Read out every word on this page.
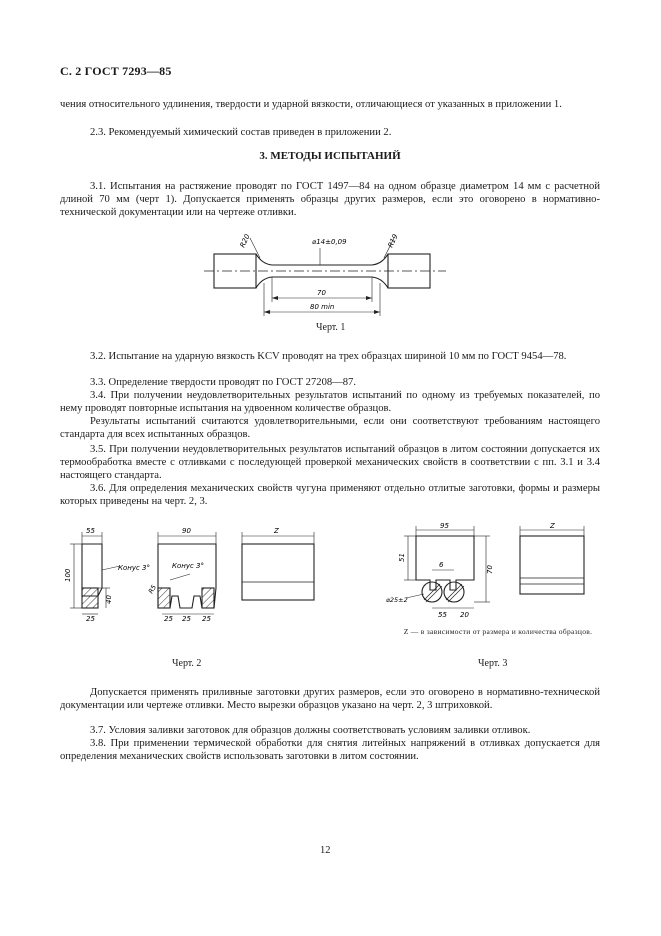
С. 2 ГОСТ 7293—85
чения относительного удлинения, твердости и ударной вязкости, отличающиеся от указанных в приложении 1.
2.3. Рекомендуемый химический состав приведен в приложении 2.
3. МЕТОДЫ ИСПЫТАНИЙ
3.1. Испытания на растяжение проводят по ГОСТ 1497—84 на одном образце диаметром 14 мм с расчетной длиной 70 мм (черт 1). Допускается применять образцы других размеров, если это оговорено в нормативно-технической документации или на чертеже отливки.
R20	⌀14±0,09	R19
70
80 min
Черт. 1
3.2. Испытание на ударную вязкость KCV проводят на трех образцах шириной 10 мм по ГОСТ 9454—78.
3.3. Определение твердости проводят по ГОСТ 27208—87.
3.4. При получении неудовлетворительных результатов испытаний по одному из требуемых показателей, по нему проводят повторные испытания на удвоенном количестве образцов.
Результаты испытаний считаются удовлетворительными, если они соответствуют требованиям настоящего стандарта для всех испытанных образцов.
3.5. При получении неудовлетворительных результатов испытаний образцов в литом состоянии допускается их термообработка вместе с отливками с последующей проверкой механических свойств в соответствии с пп. 3.1 и 3.4 настоящего стандарта.
3.6. Для определения механических свойств чугуна применяют отдельно отлитые заготовки, формы и размеры которых приведены на черт. 2, 3.
55
100
Конус 3°
40
25
90
Конус 3°
R5
25 25 25
Z
Черт. 2
95
51
70
6
⌀25±2
55 20
Z
Z — в зависимости от размера и количества образцов.
Черт. 3
Допускается применять приливные заготовки других размеров, если это оговорено в нормативно-технической документации или чертеже отливки. Место вырезки образцов указано на черт. 2, 3 штриховкой.
3.7. Условия заливки заготовок для образцов должны соответствовать условиям заливки отливок.
3.8. При применении термической обработки для снятия литейных напряжений в отливках допускается для определения механических свойств использовать заготовки в литом состоянии.
12
